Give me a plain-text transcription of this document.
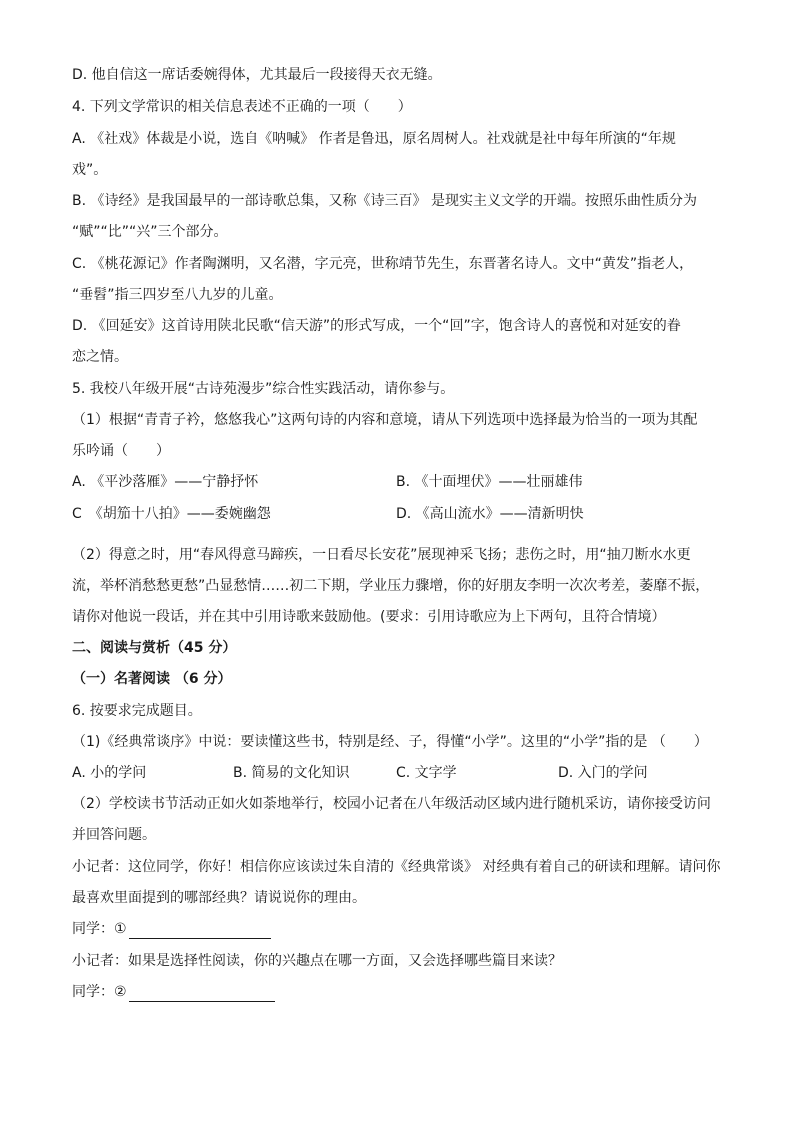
D. 他自信这一席话委婉得体，尤其最后一段接得天衣无缝。
4. 下列文学常识的相关信息表述不正确的一项（　　）
A. 《社戏》体裁是小说，选自《呐喊》 作者是鲁迅，原名周树人。社戏就是社中每年所演的“年规
戏”。
B. 《诗经》是我国最早的一部诗歌总集，又称《诗三百》 是现实主义文学的开端。按照乐曲性质分为
“赋”“比”“兴”三个部分。
C. 《桃花源记》作者陶渊明，又名潜，字元亮，世称靖节先生，东晋著名诗人。文中“黄发”指老人，
“垂髫”指三四岁至八九岁的儿童。
D. 《回延安》这首诗用陕北民歌“信天游”的形式写成，一个“回”字，饱含诗人的喜悦和对延安的眷
恋之情。
5. 我校八年级开展“古诗苑漫步”综合性实践活动，请你参与。
（1）根据“青青子衿，悠悠我心”这两句诗的内容和意境，请从下列选项中选择最为恰当的一项为其配
乐吟诵（　　）
A. 《平沙落雁》——宁静抒怀	B. 《十面埋伏》——壮丽雄伟
C　《胡笳十八拍》——委婉幽怨	D. 《高山流水》——清新明快
（2）得意之时，用“春风得意马蹄疾，一日看尽长安花”展现神采飞扬；悲伤之时，用“抽刀断水水更
流，举杯消愁愁更愁”凸显愁情……初二下期，学业压力骤增，你的好朋友李明一次次考差，萎靡不振，
请你对他说一段话，并在其中引用诗歌来鼓励他。(要求：引用诗歌应为上下两句，且符合情境）
二、阅读与赏析（45 分）
（一）名著阅读 （6 分）
6. 按要求完成题目。
（1)《经典常谈序》中说：要读懂这些书，特别是经、子，得懂“小学”。这里的“小学”指的是 （　　）
A. 小的学问	B. 简易的文化知识	C. 文字学	D. 入门的学问
（2）学校读书节活动正如火如荼地举行，校园小记者在八年级活动区域内进行随机采访，请你接受访问
并回答问题。
小记者：这位同学，你好！相信你应该读过朱自清的《经典常谈》 对经典有着自己的研读和理解。请问你
最喜欢里面提到的哪部经典？请说说你的理由。
同学：①
小记者：如果是选择性阅读，你的兴趣点在哪一方面，又会选择哪些篇目来读？
同学：②
